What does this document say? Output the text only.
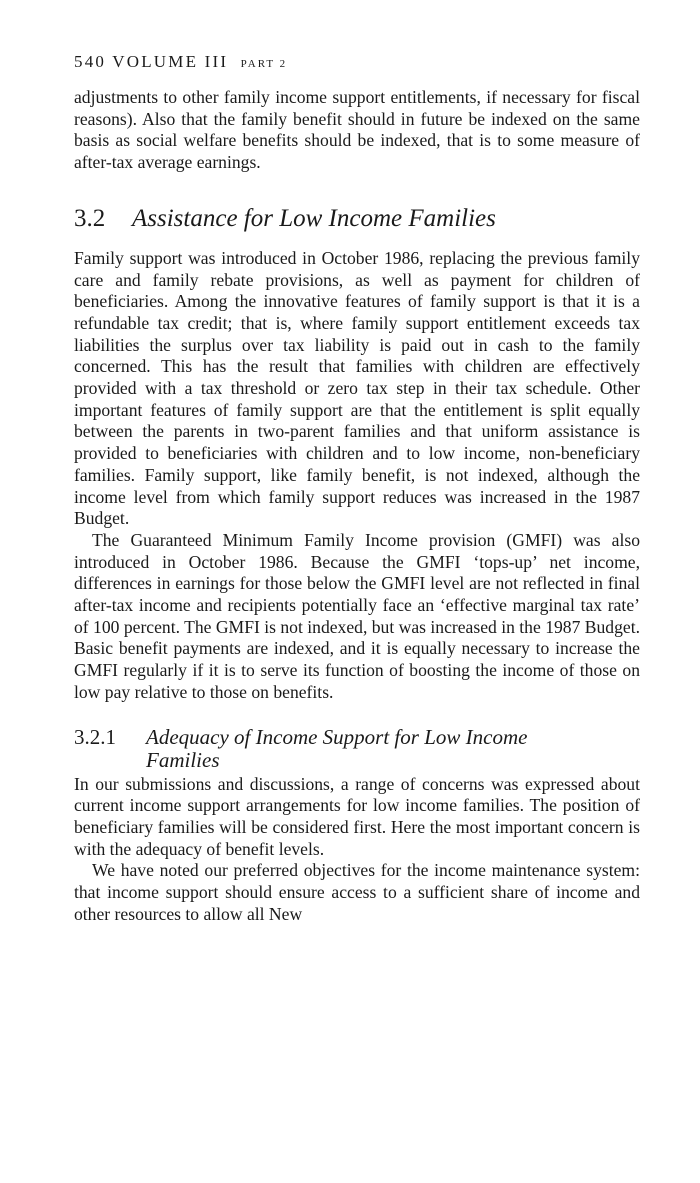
540 VOLUME III PART 2

adjustments to other family income support entitlements, if necessary for fiscal reasons). Also that the family benefit should in future be indexed on the same basis as social welfare benefits should be indexed, that is to some measure of after-tax average earnings.

3.2 Assistance for Low Income Families

Family support was introduced in October 1986, replacing the previous family care and family rebate provisions, as well as payment for children of beneficiaries. Among the innovative features of family support is that it is a refundable tax credit; that is, where family support entitlement exceeds tax liabilities the surplus over tax liability is paid out in cash to the family concerned. This has the result that families with children are effectively provided with a tax threshold or zero tax step in their tax schedule. Other important features of family support are that the entitlement is split equally between the parents in two-parent families and that uniform assistance is provided to beneficiaries with children and to low income, non-beneficiary families. Family support, like family benefit, is not indexed, although the income level from which family support reduces was increased in the 1987 Budget.

The Guaranteed Minimum Family Income provision (GMFI) was also introduced in October 1986. Because the GMFI ‘tops-up’ net income, differences in earnings for those below the GMFI level are not reflected in final after-tax income and recipients potentially face an ‘effective marginal tax rate’ of 100 percent. The GMFI is not indexed, but was increased in the 1987 Budget. Basic benefit payments are indexed, and it is equally necessary to increase the GMFI regularly if it is to serve its function of boosting the income of those on low pay relative to those on benefits.

3.2.1	Adequacy of Income Support for Low Income Families

In our submissions and discussions, a range of concerns was expressed about current income support arrangements for low income families. The position of beneficiary families will be considered first. Here the most important concern is with the adequacy of benefit levels.

We have noted our preferred objectives for the income maintenance system: that income support should ensure access to a sufficient share of income and other resources to allow all New
